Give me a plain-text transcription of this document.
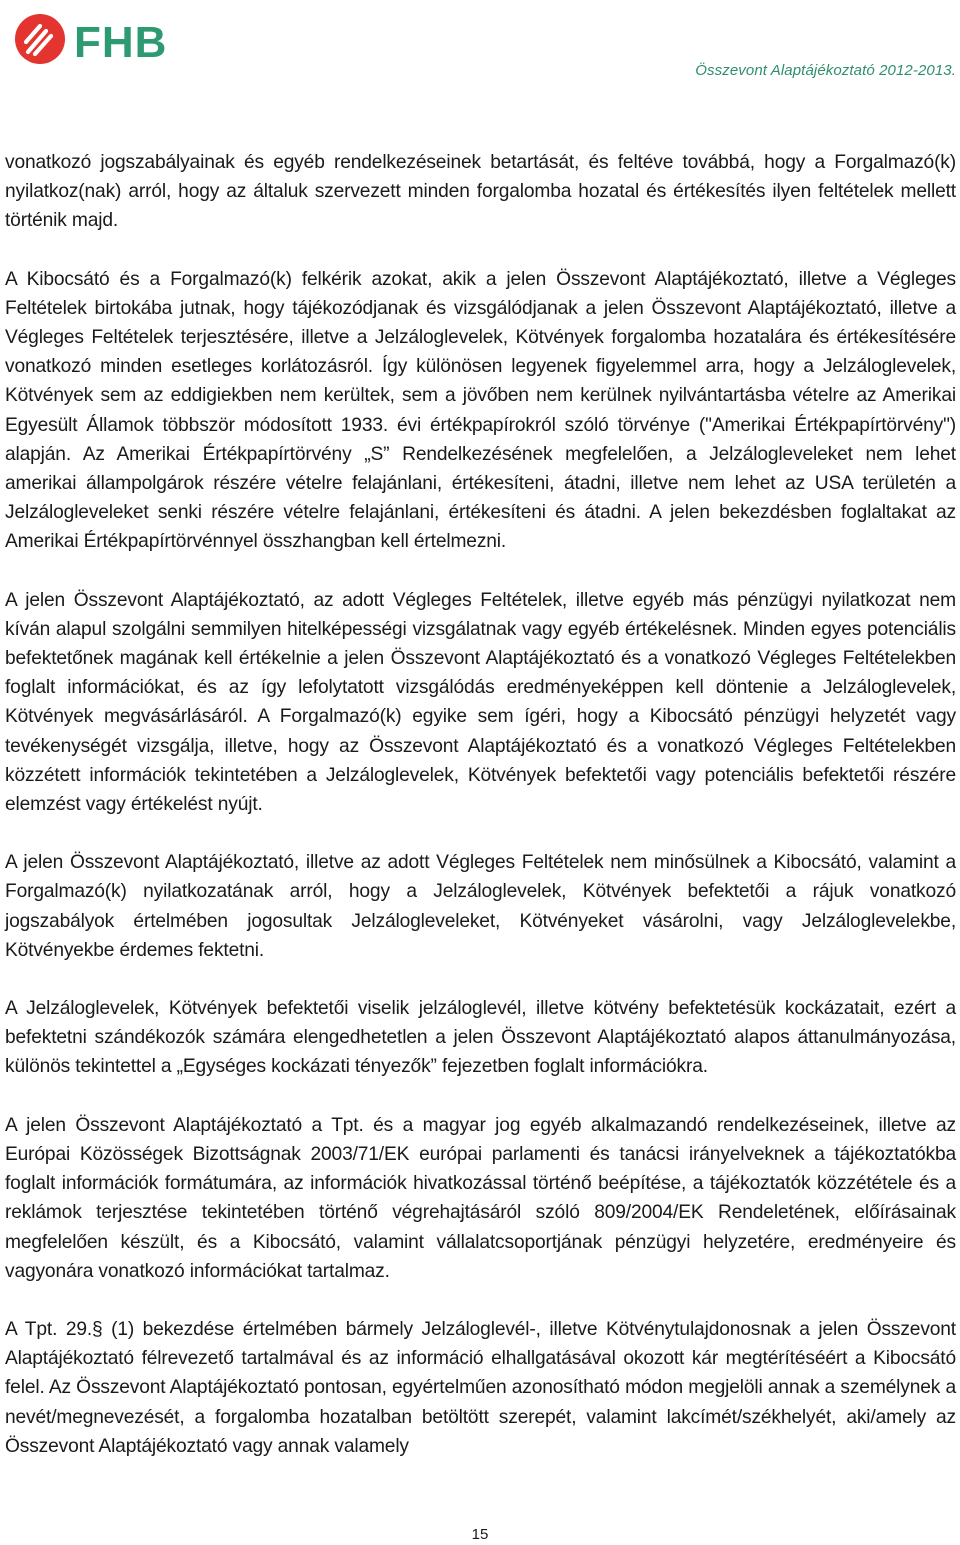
FHB
Összevont Alaptájékoztató 2012-2013.

vonatkozó jogszabályainak és egyéb rendelkezéseinek betartását, és feltéve továbbá, hogy a Forgalmazó(k) nyilatkoz(nak) arról, hogy az általuk szervezett minden forgalomba hozatal és értékesítés ilyen feltételek mellett történik majd.

A Kibocsátó és a Forgalmazó(k) felkérik azokat, akik a jelen Összevont Alaptájékoztató, illetve a Végleges Feltételek birtokába jutnak, hogy tájékozódjanak és vizsgálódjanak a jelen Összevont Alaptájékoztató, illetve a Végleges Feltételek terjesztésére, illetve a Jelzáloglevelek, Kötvények forgalomba hozatalára és értékesítésére vonatkozó minden esetleges korlátozásról. Így különösen legyenek figyelemmel arra, hogy a Jelzáloglevelek, Kötvények sem az eddigiekben nem kerültek, sem a jövőben nem kerülnek nyilvántartásba vételre az Amerikai Egyesült Államok többször módosított 1933. évi értékpapírokról szóló törvénye ("Amerikai Értékpapírtörvény") alapján. Az Amerikai Értékpapírtörvény „S” Rendelkezésének megfelelően, a Jelzálogleveleket nem lehet amerikai állampolgárok részére vételre felajánlani, értékesíteni, átadni, illetve nem lehet az USA területén a Jelzálogleveleket senki részére vételre felajánlani, értékesíteni és átadni. A jelen bekezdésben foglaltakat az Amerikai Értékpapírtörvénnyel összhangban kell értelmezni.

A jelen Összevont Alaptájékoztató, az adott Végleges Feltételek, illetve egyéb más pénzügyi nyilatkozat nem kíván alapul szolgálni semmilyen hitelképességi vizsgálatnak vagy egyéb értékelésnek. Minden egyes potenciális befektetőnek magának kell értékelnie a jelen Összevont Alaptájékoztató és a vonatkozó Végleges Feltételekben foglalt információkat, és az így lefolytatott vizsgálódás eredményeképpen kell döntenie a Jelzáloglevelek, Kötvények megvásárlásáról. A Forgalmazó(k) egyike sem ígéri, hogy a Kibocsátó pénzügyi helyzetét vagy tevékenységét vizsgálja, illetve, hogy az Összevont Alaptájékoztató és a vonatkozó Végleges Feltételekben közzétett információk tekintetében a Jelzáloglevelek, Kötvények befektetői vagy potenciális befektetői részére elemzést vagy értékelést nyújt.

A jelen Összevont Alaptájékoztató, illetve az adott Végleges Feltételek nem minősülnek a Kibocsátó, valamint a Forgalmazó(k) nyilatkozatának arról, hogy a Jelzáloglevelek, Kötvények befektetői a rájuk vonatkozó jogszabályok értelmében jogosultak Jelzálogleveleket, Kötvényeket vásárolni, vagy Jelzáloglevelekbe, Kötvényekbe érdemes fektetni.

A Jelzáloglevelek, Kötvények befektetői viselik jelzáloglevél, illetve kötvény befektetésük kockázatait, ezért a befektetni szándékozók számára elengedhetetlen a jelen Összevont Alaptájékoztató alapos áttanulmányozása, különös tekintettel a „Egységes kockázati tényezők” fejezetben foglalt információkra.

A jelen Összevont Alaptájékoztató a Tpt. és a magyar jog egyéb alkalmazandó rendelkezéseinek, illetve az Európai Közösségek Bizottságnak 2003/71/EK európai parlamenti és tanácsi irányelveknek a tájékoztatókba foglalt információk formátumára, az információk hivatkozással történő beépítése, a tájékoztatók közzététele és a reklámok terjesztése tekintetében történő végrehajtásáról szóló 809/2004/EK Rendeletének, előírásainak megfelelően készült, és a Kibocsátó, valamint vállalatcsoportjának pénzügyi helyzetére, eredményeire és vagyonára vonatkozó információkat tartalmaz.

A Tpt. 29.§ (1) bekezdése értelmében bármely Jelzáloglevél-, illetve Kötvénytulajdonosnak a jelen Összevont Alaptájékoztató félrevezető tartalmával és az információ elhallgatásával okozott kár megtérítéséért a Kibocsátó felel. Az Összevont Alaptájékoztató pontosan, egyértelműen azonosítható módon megjelöli annak a személynek a nevét/megnevezését, a forgalomba hozatalban betöltött szerepét, valamint lakcímét/székhelyét, aki/amely az Összevont Alaptájékoztató vagy annak valamely

15
